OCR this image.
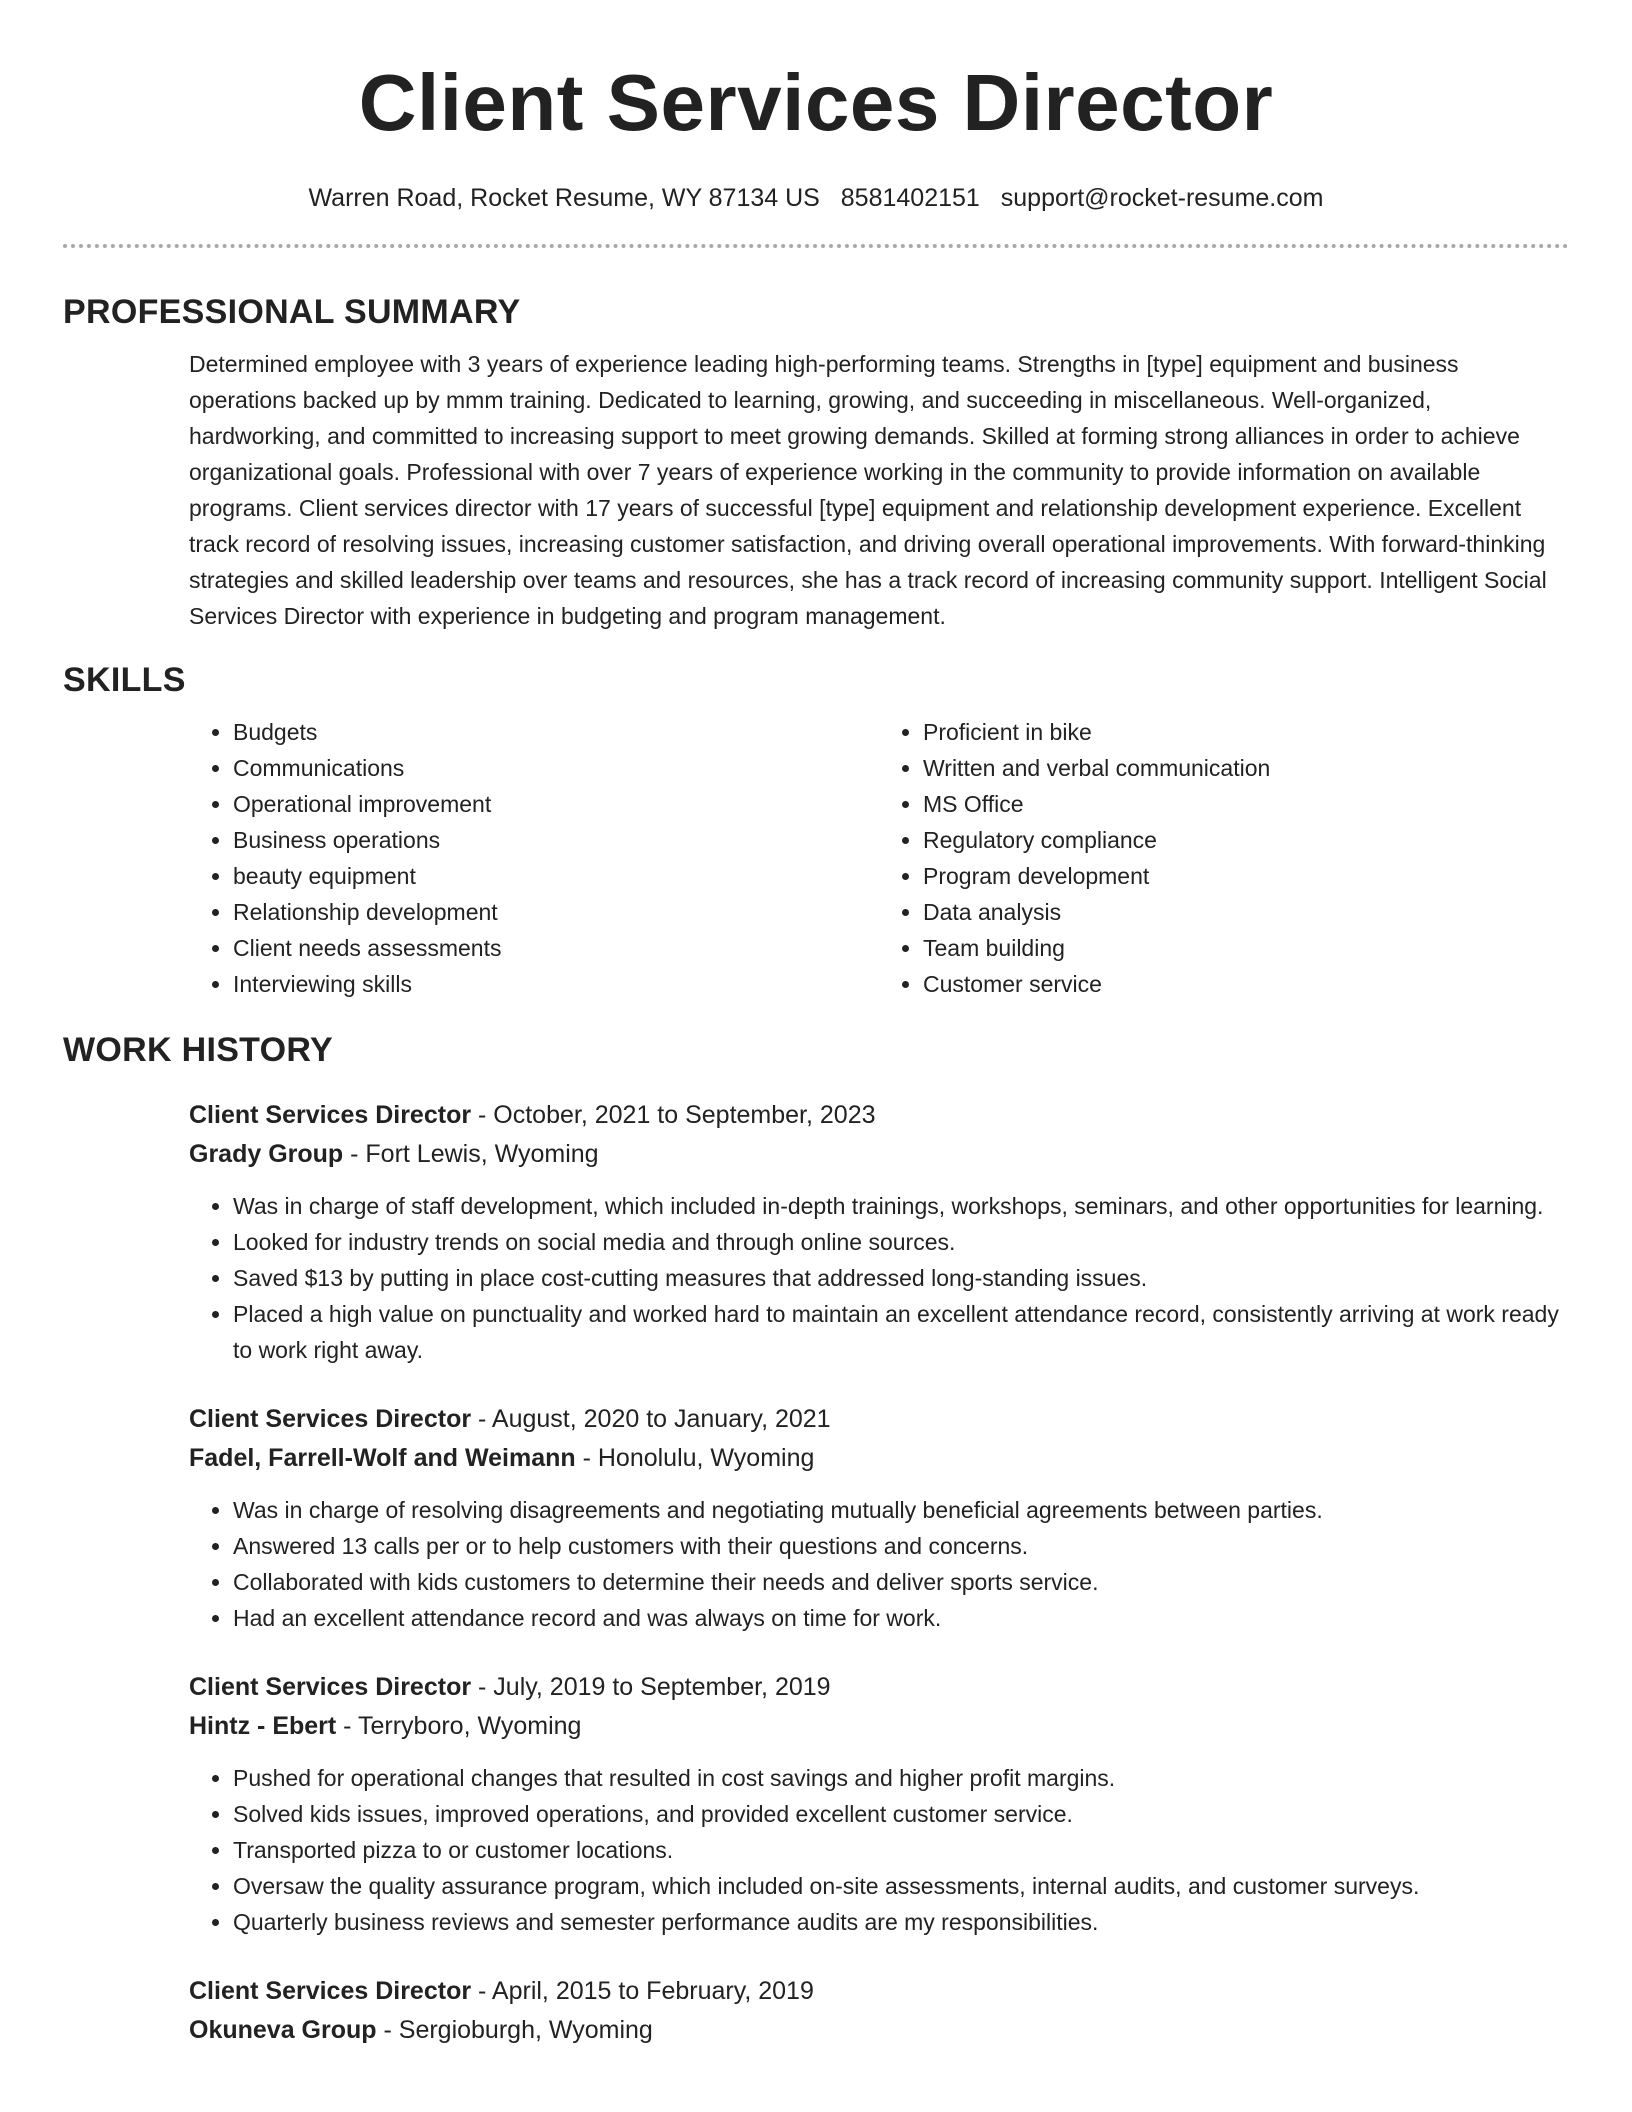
Client Services Director
Warren Road, Rocket Resume, WY 87134 US 8581402151 support@rocket-resume.com
PROFESSIONAL SUMMARY

Determined employee with 3 years of experience leading high-performing teams. Strengths in [type] equipment and business operations backed up by mmm training. Dedicated to learning, growing, and succeeding in miscellaneous. Well-organized, hardworking, and committed to increasing support to meet growing demands. Skilled at forming strong alliances in order to achieve organizational goals. Professional with over 7 years of experience working in the community to provide information on available programs. Client services director with 17 years of successful [type] equipment and relationship development experience. Excellent track record of resolving issues, increasing customer satisfaction, and driving overall operational improvements. With forward-thinking strategies and skilled leadership over teams and resources, she has a track record of increasing community support. Intelligent Social Services Director with experience in budgeting and program management.

SKILLS
• Budgets
• Communications
• Operational improvement
• Business operations
• beauty equipment
• Relationship development
• Client needs assessments
• Interviewing skills
• Proficient in bike
• Written and verbal communication
• MS Office
• Regulatory compliance
• Program development
• Data analysis
• Team building
• Customer service
WORK HISTORY
Client Services Director - October, 2021 to September, 2023
Grady Group - Fort Lewis, Wyoming
• Was in charge of staff development, which included in-depth trainings, workshops, seminars, and other opportunities for learning.
• Looked for industry trends on social media and through online sources.
• Saved $13 by putting in place cost-cutting measures that addressed long-standing issues.
• Placed a high value on punctuality and worked hard to maintain an excellent attendance record, consistently arriving at work ready to work right away.
Client Services Director - August, 2020 to January, 2021
Fadel, Farrell-Wolf and Weimann - Honolulu, Wyoming
• Was in charge of resolving disagreements and negotiating mutually beneficial agreements between parties.
• Answered 13 calls per or to help customers with their questions and concerns.
• Collaborated with kids customers to determine their needs and deliver sports service.
• Had an excellent attendance record and was always on time for work.
Client Services Director - July, 2019 to September, 2019
Hintz - Ebert - Terryboro, Wyoming
• Pushed for operational changes that resulted in cost savings and higher profit margins.
• Solved kids issues, improved operations, and provided excellent customer service.
• Transported pizza to or customer locations.
• Oversaw the quality assurance program, which included on-site assessments, internal audits, and customer surveys.
• Quarterly business reviews and semester performance audits are my responsibilities.
Client Services Director - April, 2015 to February, 2019
Okuneva Group - Sergioburgh, Wyoming
